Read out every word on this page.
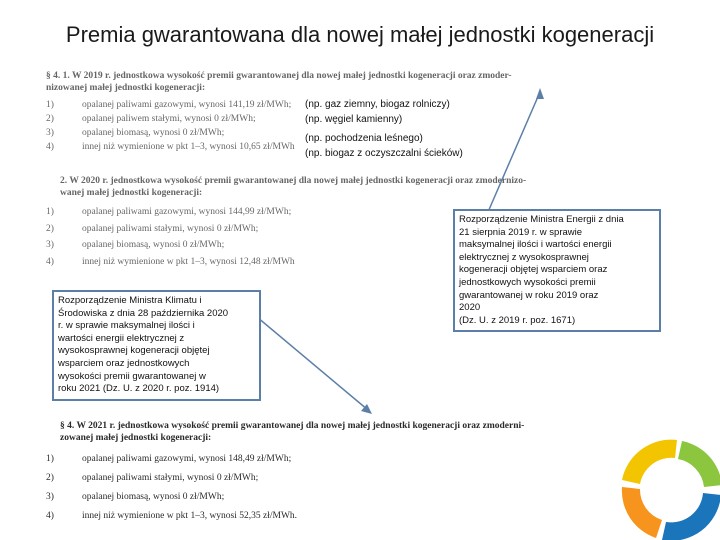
Premia gwarantowana dla nowej małej jednostki kogeneracji
§ 4. 1. W 2019 r. jednostkowa wysokość premii gwarantowanej dla nowej małej jednostki kogeneracji oraz zmoder-
nizowanej małej jednostki kogeneracji:
1)	opalanej paliwami gazowymi, wynosi 141,19 zł/MWh;
2)	opalanej paliwem stałymi, wynosi 0 zł/MWh;
3)	opalanej biomasą, wynosi 0 zł/MWh;
4)	innej niż wymienione w pkt 1–3, wynosi 10,65 zł/MWh
(np. gaz ziemny, biogaz rolniczy)
(np. węgiel kamienny)
(np. pochodzenia leśnego)
(np. biogaz z oczyszczalni ścieków)
2. W 2020 r. jednostkowa wysokość premii gwarantowanej dla nowej małej jednostki kogeneracji oraz zmodernizo-
wanej małej jednostki kogeneracji:
1)	opalanej paliwami gazowymi, wynosi 144,99 zł/MWh;
2)	opalanej paliwami stałymi, wynosi 0 zł/MWh;
3)	opalanej biomasą, wynosi 0 zł/MWh;
4)	innej niż wymienione w pkt 1–3, wynosi 12,48 zł/MWh
§ 4. W 2021 r. jednostkowa wysokość premii gwarantowanej dla nowej małej jednostki kogeneracji oraz zmoderni-
zowanej małej jednostki kogeneracji:
1)	opalanej paliwami gazowymi, wynosi 148,49 zł/MWh;
2)	opalanej paliwami stałymi, wynosi 0 zł/MWh;
3)	opalanej biomasą, wynosi 0 zł/MWh;
4)	innej niż wymienione w pkt 1–3, wynosi 52,35 zł/MWh.
Rozporządzenie Ministra Klimatu i
Środowiska z dnia 28 października 2020
r. w sprawie maksymalnej ilości i
wartości energii elektrycznej z
wysokosprawnej kogeneracji objętej
wsparciem oraz jednostkowych
wysokości premii gwarantowanej w
roku 2021 (Dz. U. z 2020 r. poz. 1914)
Rozporządzenie Ministra Energii z dnia
21 sierpnia 2019 r. w sprawie
maksymalnej ilości i wartości energii
elektrycznej z wysokosprawnej
kogeneracji objętej wsparciem oraz
jednostkowych wysokości premii
gwarantowanej w roku 2019 oraz
2020
(Dz. U. z 2019 r. poz. 1671)
